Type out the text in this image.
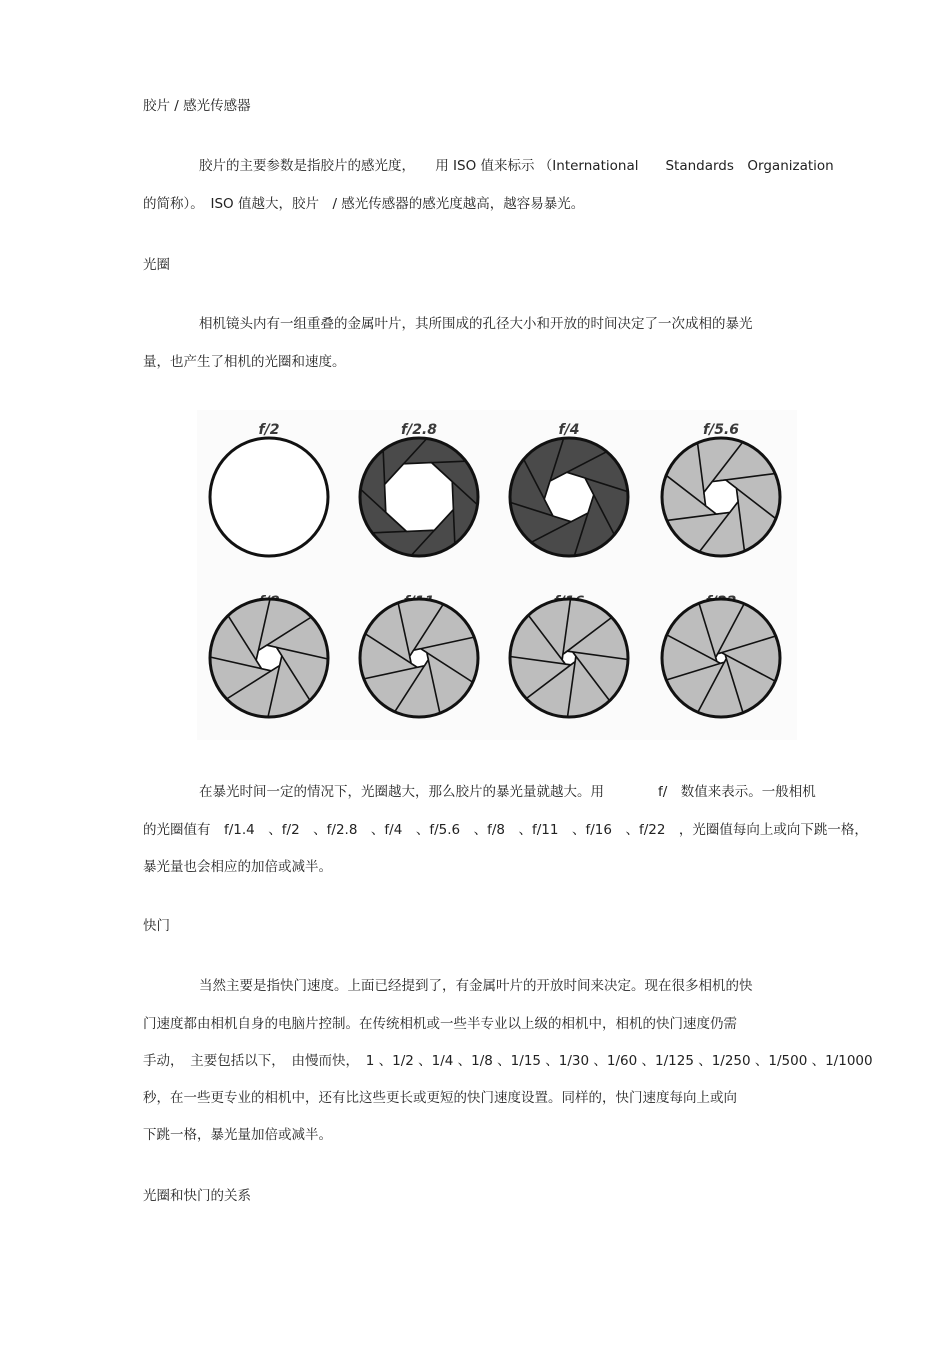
胶片 / 感光传感器

胶片的主要参数是指胶片的感光度，　　用 ISO 值来标示 （International　　Standards　Organization

的简称）。　ISO 值越大，胶片　/ 感光传感器的感光度越高，越容易暴光。

光圈

相机镜头内有一组重叠的金属叶片，其所围成的孔径大小和开放的时间决定了一次成相的暴光

量，也产生了相机的光圈和速度。

f/2	f/2.8	f/4	f/5.6

在暴光时间一定的情况下，光圈越大，那么胶片的暴光量就越大。用　　　　f/　数值来表示。一般相机

的光圈值有　f/1.4　、f/2　、f/2.8　、f/4　、f/5.6　、f/8　、f/11　、f/16　、f/22　，光圈值每向上或向下跳一格，

暴光量也会相应的加倍或减半。

快门

当然主要是指快门速度。上面已经提到了，有金属叶片的开放时间来决定。现在很多相机的快

门速度都由相机自身的电脑片控制。在传统相机或一些半专业以上级的相机中，相机的快门速度仍需

手动，　主要包括以下，　由慢而快，　1 、1/2 、1/4 、1/8 、1/15 、1/30 、1/60 、1/125 、1/250 、1/500 、1/1000

秒，在一些更专业的相机中，还有比这些更长或更短的快门速度设置。同样的，快门速度每向上或向

下跳一格，暴光量加倍或减半。

光圈和快门的关系
